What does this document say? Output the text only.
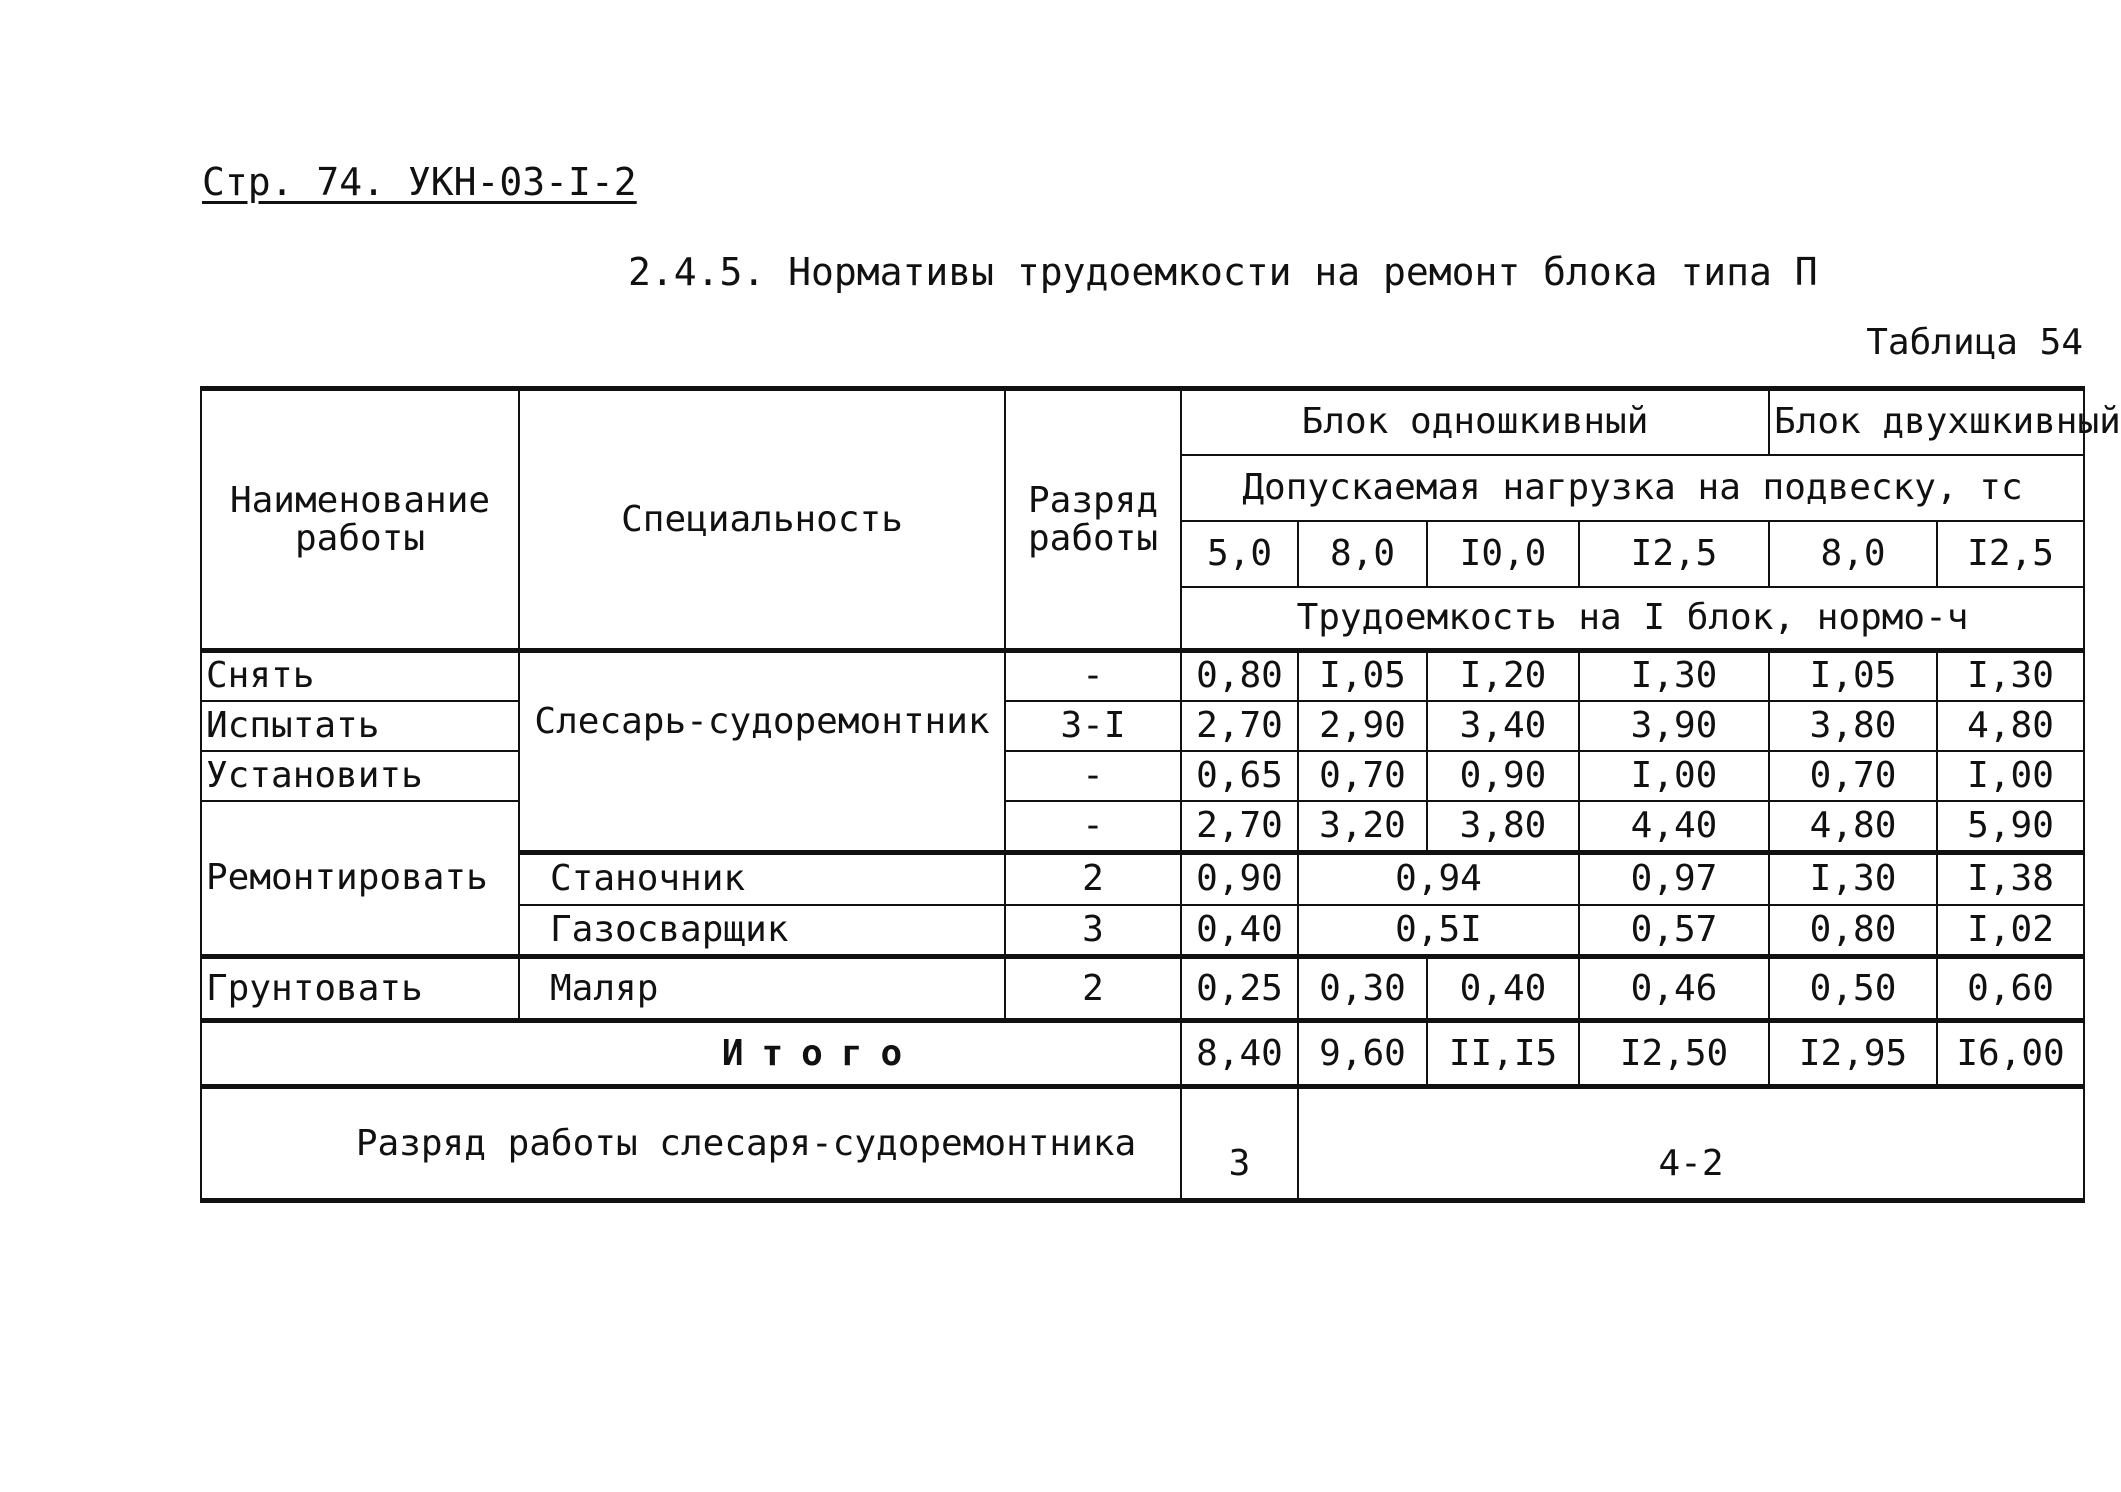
Стр. 74. УКН-03-I-2
2.4.5. Нормативы трудоемкости на ремонт блока типа П
Таблица 54
Наименование работы	Специальность	Разряд работы	Блок одношкивный				Блок двухшкивный	
			Допускаемая нагрузка на подвеску, тс					
			5,0	8,0	I0,0	I2,5	8,0	I2,5
			Трудоемкость на I блок, нормо-ч					
Снять	Слесарь-судоремонтник	-	0,80	I,05	I,20	I,30	I,05	I,30
Испытать		3-I	2,70	2,90	3,40	3,90	3,80	4,80
Установить		-	0,65	0,70	0,90	I,00	0,70	I,00
Ремонтировать		-	2,70	3,20	3,80	4,40	4,80	5,90
	Станочник	2	0,90	0,94		0,97	I,30	I,38
	Газосварщик	3	0,40	0,5I		0,57	0,80	I,02
Грунтовать	Маляр	2	0,25	0,30	0,40	0,46	0,50	0,60
Итого			8,40	9,60	II,I5	I2,50	I2,95	I6,00
Разряд работы слесаря-судоремонтника			3	4-2				
